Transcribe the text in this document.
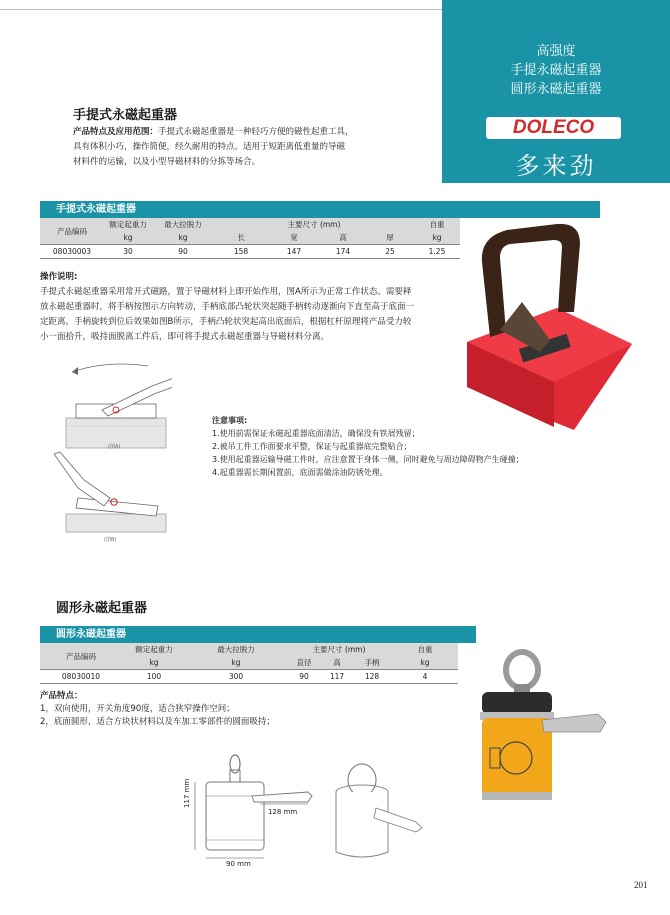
高强度
手提永磁起重器
圆形永磁起重器
DOLECO
多来劲
手提式永磁起重器
产品特点及应用范围：手提式永磁起重器是一种轻巧方便的磁性起重工具，
具有体积小巧，操作简便，经久耐用的特点。适用于短距离低重量的导磁
材料件的运输，以及小型导磁材料的分拣等场合。
手提式永磁起重器
产品编码	额定起重力	最大拉脱力	主要尺寸 (mm)				自重
	kg	kg	长	宽	高	厚	kg
08030003	30	90	158	147	174	25	1.25
操作说明:
手提式永磁起重器采用常开式磁路，置于导磁材料上即开始作用，图A所示为正常工作状态。需要释
放永磁起重器时，将手柄按图示方向转动，手柄底部凸轮状突起随手柄转动逐渐向下直至高于底面一
定距离。手柄旋转到位后效果如图B所示，手柄凸轮状突起高出底面后，根据杠杆原理将产品受力较
小一面拾升，吸持面脱离工件后，即可将手提式永磁起重器与导磁材料分离。
(图A)
(图B)
注意事项:
1.使用前需保证永磁起重器底面清洁，确保没有铁屑残留；
2.被吊工件工作面要求平整，保证与起重器底完整贴合；
3.使用起重器运输导磁工件时，应注意置于身体一侧，同时避免与周边障碍物产生碰撞；
4.起重器需长期闲置前，底面需做涂油防锈处理。
圆形永磁起重器
圆形永磁起重器
产品编码	额定起重力	最大拉脱力	主要尺寸 (mm)			自重
	kg	kg	直径	高	手柄	kg
08030010	100	300	90	117	128	4
产品特点：
1，双向使用，开关角度90度，适合狭窄操作空间；
2，底面圆形，适合方块状材料以及车加工零部件的圆面吸持；
117 mm
128 mm
90 mm
201
